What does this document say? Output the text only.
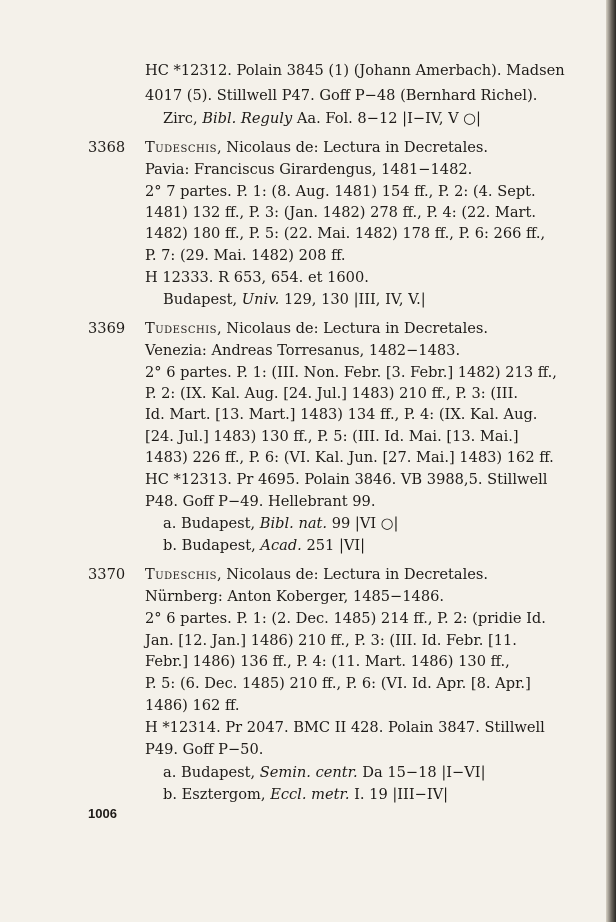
HC *12312. Polain 3845 (1) (Johann Amerbach). Madsen
4017 (5). Stillwell P47. Goff P−48 (Bernhard Richel).
Zirc, Bibl. Reguly Aa. Fol. 8−12 |I−IV, V ○|
3368 Tudeschis, Nicolaus de: Lectura in Decretales.
Pavia: Franciscus Girardengus, 1481−1482.
2° 7 partes. P. 1: (8. Aug. 1481) 154 ff., P. 2: (4. Sept.
1481) 132 ff., P. 3: (Jan. 1482) 278 ff., P. 4: (22. Mart.
1482) 180 ff., P. 5: (22. Mai. 1482) 178 ff., P. 6: 266 ff.,
P. 7: (29. Mai. 1482) 208 ff.
H 12333. R 653, 654. et 1600.
Budapest, Univ. 129, 130 |III, IV, V.|
3369 Tudeschis, Nicolaus de: Lectura in Decretales.
Venezia: Andreas Torresanus, 1482−1483.
2° 6 partes. P. 1: (III. Non. Febr. [3. Febr.] 1482) 213 ff.,
P. 2: (IX. Kal. Aug. [24. Jul.] 1483) 210 ff., P. 3: (III.
Id. Mart. [13. Mart.] 1483) 134 ff., P. 4: (IX. Kal. Aug.
[24. Jul.] 1483) 130 ff., P. 5: (III. Id. Mai. [13. Mai.]
1483) 226 ff., P. 6: (VI. Kal. Jun. [27. Mai.] 1483) 162 ff.
HC *12313. Pr 4695. Polain 3846. VB 3988,5. Stillwell
P48. Goff P−49. Hellebrant 99.
a. Budapest, Bibl. nat. 99 |VI ○|
b. Budapest, Acad. 251 |VI|
3370 Tudeschis, Nicolaus de: Lectura in Decretales.
Nürnberg: Anton Koberger, 1485−1486.
2° 6 partes. P. 1: (2. Dec. 1485) 214 ff., P. 2: (pridie Id.
Jan. [12. Jan.] 1486) 210 ff., P. 3: (III. Id. Febr. [11.
Febr.] 1486) 136 ff., P. 4: (11. Mart. 1486) 130 ff.,
P. 5: (6. Dec. 1485) 210 ff., P. 6: (VI. Id. Apr. [8. Apr.]
1486) 162 ff.
H *12314. Pr 2047. BMC II 428. Polain 3847. Stillwell
P49. Goff P−50.
a. Budapest, Semin. centr. Da 15−18 |I−VI|
b. Esztergom, Eccl. metr. I. 19 |III−IV|
1006
